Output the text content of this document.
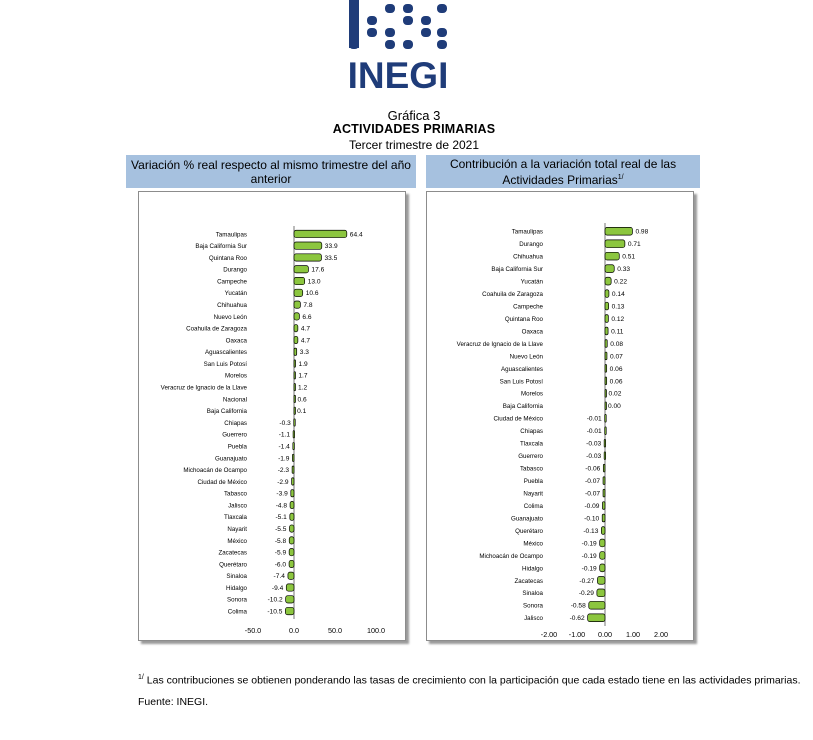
INEGI
Gráfica 3
ACTIVIDADES PRIMARIAS
Tercer trimestre de 2021
Variación % real respecto al mismo trimestre del año anterior
Contribución a la variación total real de las Actividades Primarias$^{1/}$
Tamaulipas	64.4
Baja California Sur	33.9
Quintana Roo	33.5
Durango	17.6
Campeche	13.0
Yucatán	10.6
Chihuahua	7.8
Nuevo León	6.6
Coahuila de Zaragoza	4.7
Oaxaca	4.7
Aguascalientes	3.3
San Luis Potosí	1.9
Morelos	1.7
Veracruz de Ignacio de la Llave	1.2
Nacional	0.6
Baja California	0.1
Chiapas	-0.3
Guerrero	-1.1
Puebla	-1.4
Guanajuato	-1.9
Michoacán de Ocampo	-2.3
Ciudad de México	-2.9
Tabasco	-3.9
Jalisco	-4.8
Tlaxcala	-5.1
Nayarit	-5.5
México	-5.8
Zacatecas	-5.9
Querétaro	-6.0
Sinaloa	-7.4
Hidalgo	-9.4
Sonora	-10.2
Colima	-10.5
-50.0	0.0	50.0	100.0
Tamaulipas	0.98
Durango	0.71
Chihuahua	0.51
Baja California Sur	0.33
Yucatán	0.22
Coahuila de Zaragoza	0.14
Campeche	0.13
Quintana Roo	0.12
Oaxaca	0.11
Veracruz de Ignacio de la Llave	0.08
Nuevo León	0.07
Aguascalientes	0.06
San Luis Potosí	0.06
Morelos	0.02
Baja California	0.00
Ciudad de México	-0.01
Chiapas	-0.01
Tlaxcala	-0.03
Guerrero	-0.03
Tabasco	-0.06
Puebla	-0.07
Nayarit	-0.07
Colima	-0.09
Guanajuato	-0.10
Querétaro	-0.13
México	-0.19
Michoacán de Ocampo	-0.19
Hidalgo	-0.19
Zacatecas	-0.27
Sinaloa	-0.29
Sonora	-0.58
Jalisco	-0.62
-2.00 -1.00 0.00 1.00 2.00
$^{1/}$ Las contribuciones se obtienen ponderando las tasas de crecimiento con la participación que cada estado tiene en las actividades primarias.
Fuente: INEGI.
